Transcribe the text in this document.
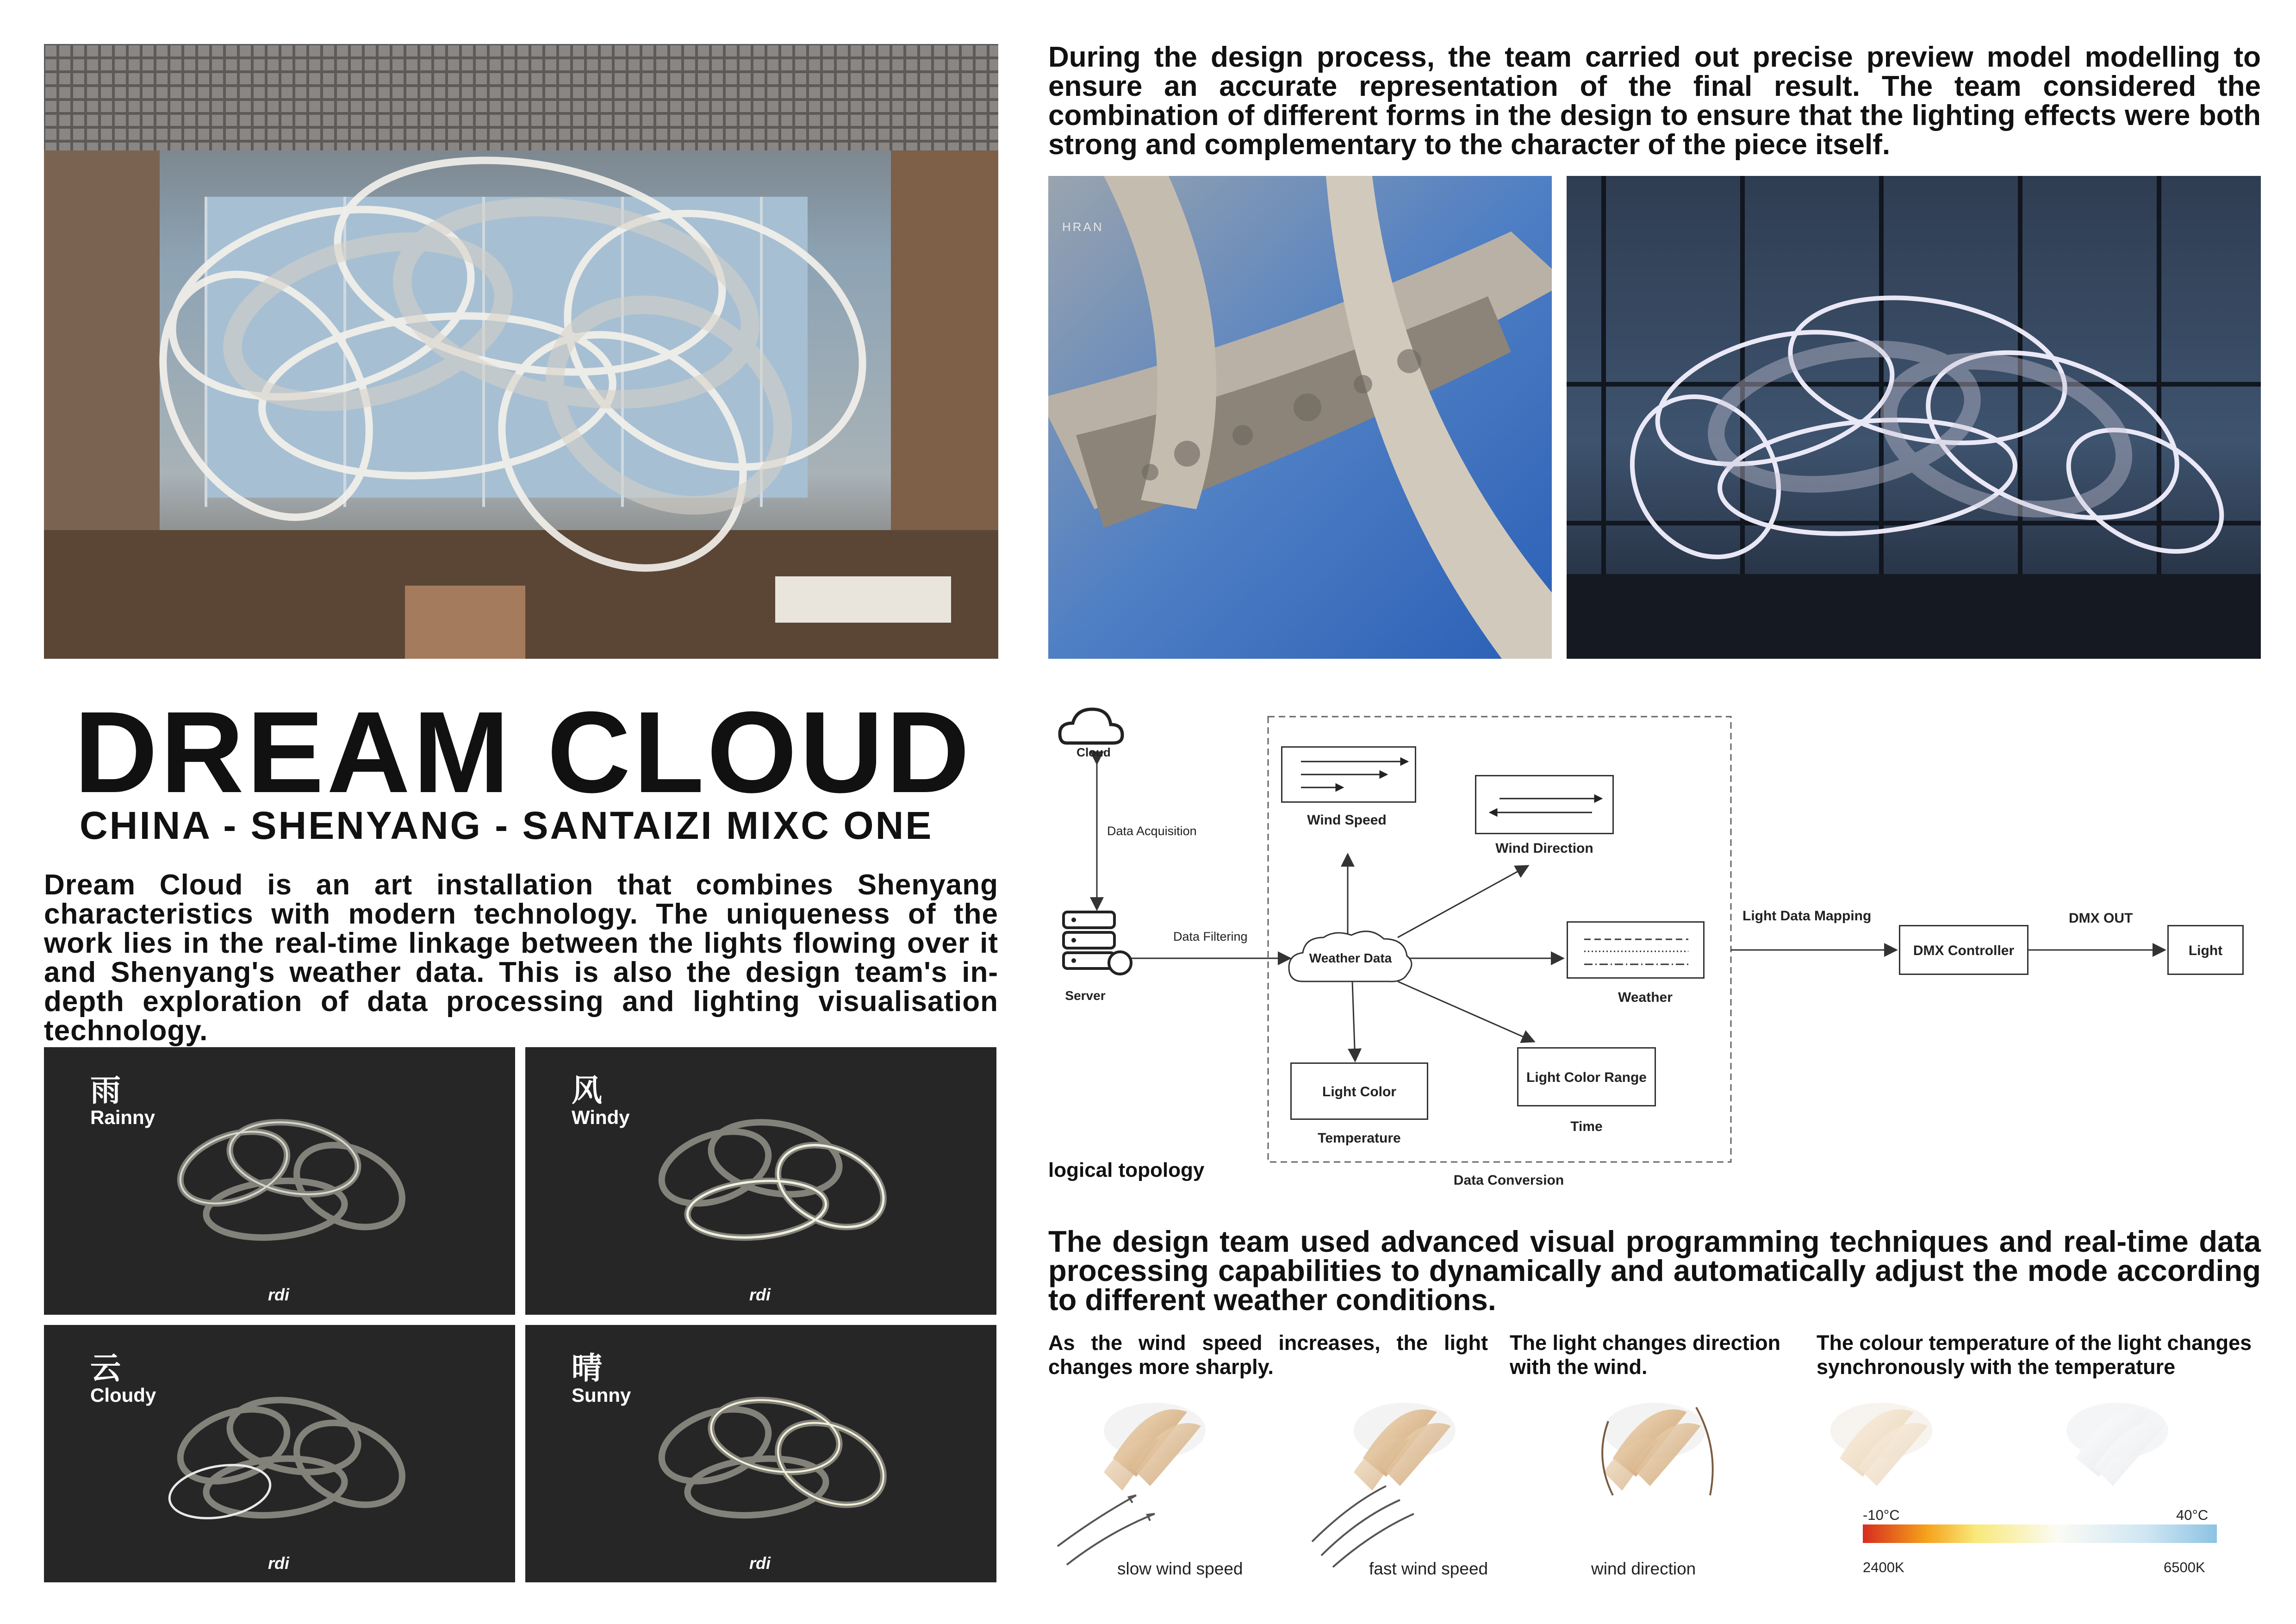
During the design process, the team carried out precise preview model modelling to ensure an accurate representation of the final result. The team considered the combination of different forms in the design to ensure that the lighting effects were both strong and complementary to the character of the piece itself.
HRAN
DREAM CLOUD
CHINA - SHENYANG - SANTAIZI MIXC ONE
Dream Cloud is an art installation that combines Shenyang characteristics with modern technology. The uniqueness of the work lies in the real-time linkage between the lights flowing over it and Shenyang's weather data. This is also the design team's in-depth exploration of data processing and lighting visualisation technology.
雨
Rainny
rdi
风
Windy
rdi
云
Cloudy
rdi
晴
Sunny
rdi
Cloud
Data Acquisition
Server
Data Filtering
Weather Data
Wind Speed
Wind Direction
Weather
Light Color Range
Time
Light Color
Temperature
Data Conversion
Light Data Mapping
DMX Controller
DMX OUT
Light
logical topology
The design team used advanced visual programming techniques and real-time data processing capabilities to dynamically and automatically adjust the mode according to different weather conditions.
As the wind speed increases, the light changes more sharply.
The light changes direction with the wind.
The colour temperature of the light changes synchronously with the temperature
slow wind speed	fast wind speed	wind direction
-10°C	40°C
2400K	6500K
